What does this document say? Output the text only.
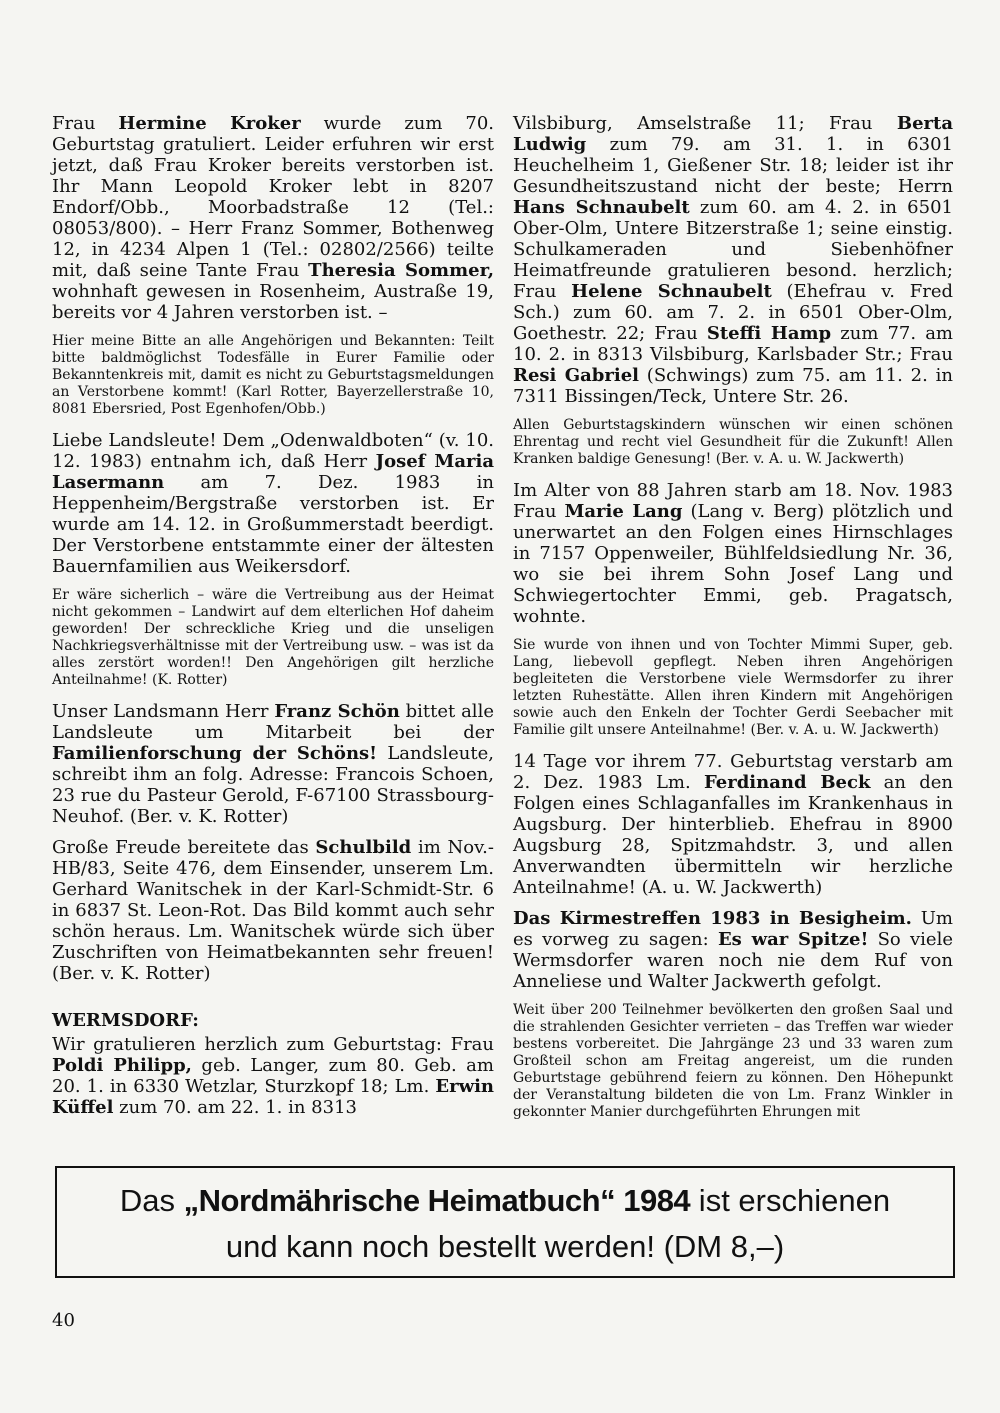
Frau Hermine Kroker wurde zum 70. Geburtstag gratuliert. Leider erfuhren wir erst jetzt, daß Frau Kroker bereits verstorben ist. Ihr Mann Leopold Kroker lebt in 8207 Endorf/Obb., Moorbadstraße 12 (Tel.: 08053/800). – Herr Franz Sommer, Bothenweg 12, in 4234 Alpen 1 (Tel.: 02802/2566) teilte mit, daß seine Tante Frau Theresia Sommer, wohnhaft gewesen in Rosenheim, Austraße 19, bereits vor 4 Jahren verstorben ist. –

Hier meine Bitte an alle Angehörigen und Bekannten: Teilt bitte baldmöglichst Todesfälle in Eurer Familie oder Bekanntenkreis mit, damit es nicht zu Geburtstagsmeldungen an Verstorbene kommt! (Karl Rotter, Bayerzellerstraße 10, 8081 Ebersried, Post Egenhofen/Obb.)

Liebe Landsleute! Dem „Odenwaldboten“ (v. 10. 12. 1983) entnahm ich, daß Herr Josef Maria Lasermann am 7. Dez. 1983 in Heppenheim/Bergstraße verstorben ist. Er wurde am 14. 12. in Großummerstadt beerdigt. Der Verstorbene entstammte einer der ältesten Bauernfamilien aus Weikersdorf.

Er wäre sicherlich – wäre die Vertreibung aus der Heimat nicht gekommen – Landwirt auf dem elterlichen Hof daheim geworden! Der schreckliche Krieg und die unseligen Nachkriegsverhältnisse mit der Vertreibung usw. – was ist da alles zerstört worden!! Den Angehörigen gilt herzliche Anteilnahme! (K. Rotter)

Unser Landsmann Herr Franz Schön bittet alle Landsleute um Mitarbeit bei der Familienforschung der Schöns! Landsleute, schreibt ihm an folg. Adresse: Francois Schoen, 23 rue du Pasteur Gerold, F-67100 Strassbourg-Neuhof. (Ber. v. K. Rotter)

Große Freude bereitete das Schulbild im Nov.-HB/83, Seite 476, dem Einsender, unserem Lm. Gerhard Wanitschek in der Karl-Schmidt-Str. 6 in 6837 St. Leon-Rot. Das Bild kommt auch sehr schön heraus. Lm. Wanitschek würde sich über Zuschriften von Heimatbekannten sehr freuen! (Ber. v. K. Rotter)

WERMSDORF:

Wir gratulieren herzlich zum Geburtstag: Frau Poldi Philipp, geb. Langer, zum 80. Geb. am 20. 1. in 6330 Wetzlar, Sturzkopf 18; Lm. Erwin Küffel zum 70. am 22. 1. in 8313

Vilsbiburg, Amselstraße 11; Frau Berta Ludwig zum 79. am 31. 1. in 6301 Heuchelheim 1, Gießener Str. 18; leider ist ihr Gesundheitszustand nicht der beste; Herrn Hans Schnaubelt zum 60. am 4. 2. in 6501 Ober-Olm, Untere Bitzerstraße 1; seine einstig. Schulkameraden und Siebenhöfner Heimatfreunde gratulieren besond. herzlich; Frau Helene Schnaubelt (Ehefrau v. Fred Sch.) zum 60. am 7. 2. in 6501 Ober-Olm, Goethestr. 22; Frau Steffi Hamp zum 77. am 10. 2. in 8313 Vilsbiburg, Karlsbader Str.; Frau Resi Gabriel (Schwings) zum 75. am 11. 2. in 7311 Bissingen/Teck, Untere Str. 26.

Allen Geburtstagskindern wünschen wir einen schönen Ehrentag und recht viel Gesundheit für die Zukunft! Allen Kranken baldige Genesung! (Ber. v. A. u. W. Jackwerth)

Im Alter von 88 Jahren starb am 18. Nov. 1983 Frau Marie Lang (Lang v. Berg) plötzlich und unerwartet an den Folgen eines Hirnschlages in 7157 Oppenweiler, Bühlfeldsiedlung Nr. 36, wo sie bei ihrem Sohn Josef Lang und Schwiegertochter Emmi, geb. Pragatsch, wohnte.

Sie wurde von ihnen und von Tochter Mimmi Super, geb. Lang, liebevoll gepflegt. Neben ihren Angehörigen begleiteten die Verstorbene viele Wermsdorfer zu ihrer letzten Ruhestätte. Allen ihren Kindern mit Angehörigen sowie auch den Enkeln der Tochter Gerdi Seebacher mit Familie gilt unsere Anteilnahme! (Ber. v. A. u. W. Jackwerth)

14 Tage vor ihrem 77. Geburtstag verstarb am 2. Dez. 1983 Lm. Ferdinand Beck an den Folgen eines Schlaganfalles im Krankenhaus in Augsburg. Der hinterblieb. Ehefrau in 8900 Augsburg 28, Spitzmahdstr. 3, und allen Anverwandten übermitteln wir herzliche Anteilnahme! (A. u. W. Jackwerth)

Das Kirmestreffen 1983 in Besigheim. Um es vorweg zu sagen: Es war Spitze! So viele Wermsdorfer waren noch nie dem Ruf von Anneliese und Walter Jackwerth gefolgt.

Weit über 200 Teilnehmer bevölkerten den großen Saal und die strahlenden Gesichter verrieten – das Treffen war wieder bestens vorbereitet. Die Jahrgänge 23 und 33 waren zum Großteil schon am Freitag angereist, um die runden Geburtstage gebührend feiern zu können. Den Höhepunkt der Veranstaltung bildeten die von Lm. Franz Winkler in gekonnter Manier durchgeführten Ehrungen mit

Das „Nordmährische Heimatbuch“ 1984 ist erschienen
und kann noch bestellt werden! (DM 8,–)
40
